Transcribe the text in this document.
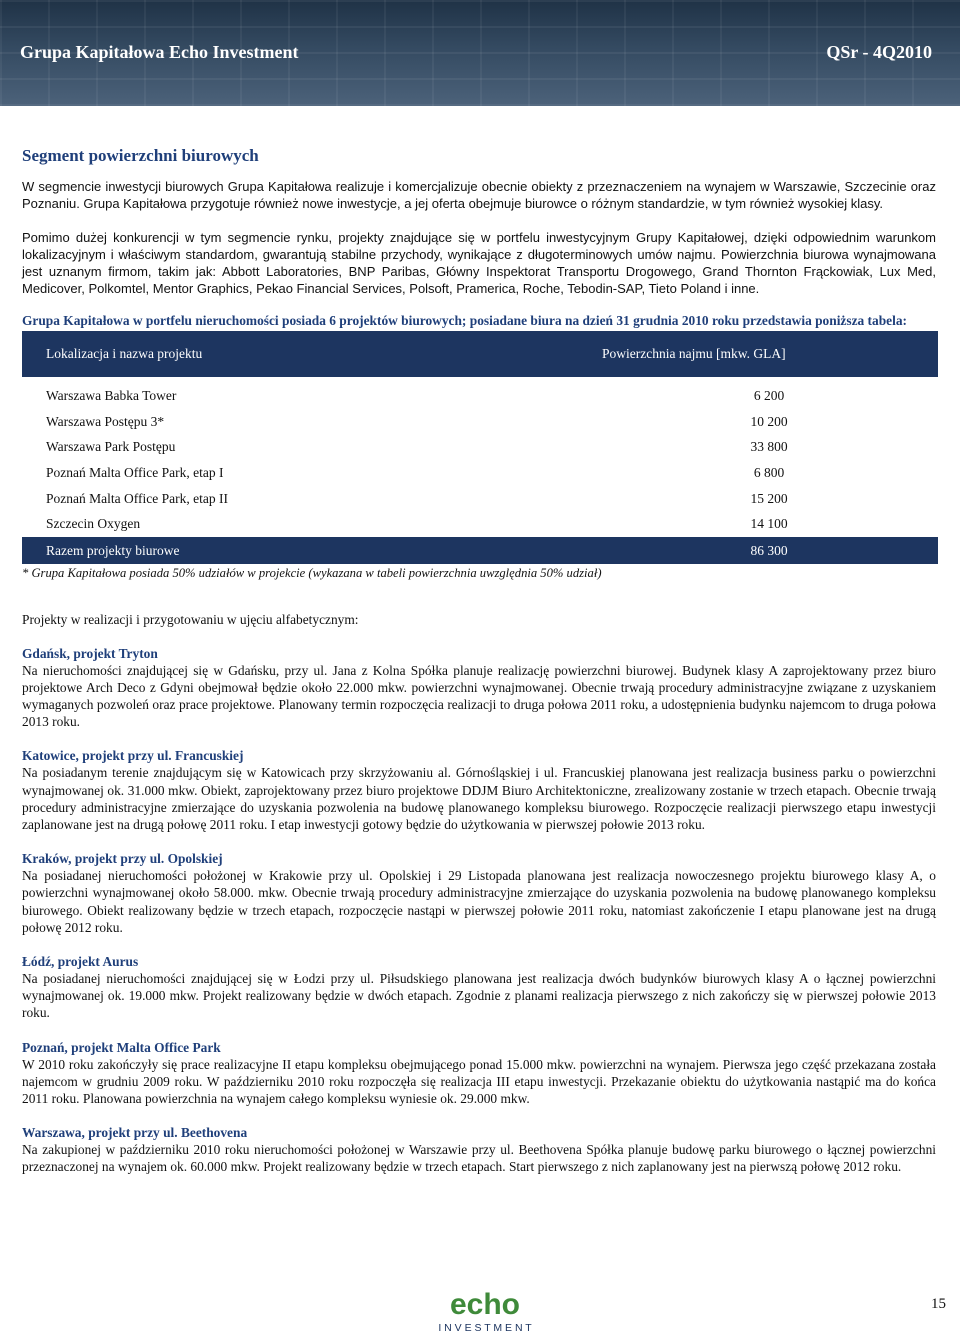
Grupa Kapitałowa Echo Investment	QSr - 4Q2010
Segment powierzchni biurowych

W segmencie inwestycji biurowych Grupa Kapitałowa realizuje i komercjalizuje obecnie obiekty z przeznaczeniem na wynajem w Warszawie, Szczecinie oraz Poznaniu. Grupa Kapitałowa przygotuje również nowe inwestycje, a jej oferta obejmuje biurowce o różnym standardzie, w tym również wysokiej klasy.

Pomimo dużej konkurencji w tym segmencie rynku, projekty znajdujące się w portfelu inwestycyjnym Grupy Kapitałowej, dzięki odpowiednim warunkom lokalizacyjnym i właściwym standardom, gwarantują stabilne przychody, wynikające z długoterminowych umów najmu. Powierzchnia biurowa wynajmowana jest uznanym firmom, takim jak: Abbott Laboratories, BNP Paribas, Główny Inspektorat Transportu Drogowego, Grand Thornton Frąckowiak, Lux Med, Medicover, Polkomtel, Mentor Graphics, Pekao Financial Services, Polsoft, Pramerica, Roche, Tebodin-SAP, Tieto Poland i inne.

Grupa Kapitałowa w portfelu nieruchomości posiada 6 projektów biurowych; posiadane biura na dzień 31 grudnia 2010 roku przedstawia poniższa tabela:

Lokalizacja i nazwa projektu	Powierzchnia najmu [mkw. GLA]
Warszawa Babka Tower	6 200
Warszawa Postępu 3*	10 200
Warszawa Park Postępu	33 800
Poznań Malta Office Park, etap I	6 800
Poznań Malta Office Park, etap II	15 200
Szczecin Oxygen	14 100
Razem projekty biurowe	86 300
* Grupa Kapitałowa posiada 50% udziałów w projekcie (wykazana w tabeli powierzchnia uwzględnia 50% udział)

Projekty w realizacji i przygotowaniu w ujęciu alfabetycznym:

Gdańsk, projekt Tryton

Na nieruchomości znajdującej się w Gdańsku, przy ul. Jana z Kolna Spółka planuje realizację powierzchni biurowej. Budynek klasy A zaprojektowany przez biuro projektowe Arch Deco z Gdyni obejmował będzie około 22.000 mkw. powierzchni wynajmowanej. Obecnie trwają procedury administracyjne związane z uzyskaniem wymaganych pozwoleń oraz prace projektowe. Planowany termin rozpoczęcia realizacji to druga połowa 2011 roku, a udostępnienia budynku najemcom to druga połowa 2013 roku.

Katowice, projekt przy ul. Francuskiej

Na posiadanym terenie znajdującym się w Katowicach przy skrzyżowaniu al. Górnośląskiej i ul. Francuskiej planowana jest realizacja business parku o powierzchni wynajmowanej ok. 31.000 mkw. Obiekt, zaprojektowany przez biuro projektowe DDJM Biuro Architektoniczne, zrealizowany zostanie w trzech etapach. Obecnie trwają procedury administracyjne zmierzające do uzyskania pozwolenia na budowę planowanego kompleksu biurowego. Rozpoczęcie realizacji pierwszego etapu inwestycji zaplanowane jest na drugą połowę 2011 roku. I etap inwestycji gotowy będzie do użytkowania w pierwszej połowie 2013 roku.

Kraków, projekt przy ul. Opolskiej

Na posiadanej nieruchomości położonej w Krakowie przy ul. Opolskiej i 29 Listopada planowana jest realizacja nowoczesnego projektu biurowego klasy A, o powierzchni wynajmowanej około 58.000. mkw. Obecnie trwają procedury administracyjne zmierzające do uzyskania pozwolenia na budowę planowanego kompleksu biurowego. Obiekt realizowany będzie w trzech etapach, rozpoczęcie nastąpi w pierwszej połowie 2011 roku, natomiast zakończenie I etapu planowane jest na drugą połowę 2012 roku.

Łódź, projekt Aurus

Na posiadanej nieruchomości znajdującej się w Łodzi przy ul. Piłsudskiego planowana jest realizacja dwóch budynków biurowych klasy A o łącznej powierzchni wynajmowanej ok. 19.000 mkw. Projekt realizowany będzie w dwóch etapach. Zgodnie z planami realizacja pierwszego z nich zakończy się w pierwszej połowie 2013 roku.

Poznań, projekt Malta Office Park

W 2010 roku zakończyły się prace realizacyjne II etapu kompleksu obejmującego ponad 15.000 mkw. powierzchni na wynajem. Pierwsza jego część przekazana została najemcom w grudniu 2009 roku. W październiku 2010 roku rozpoczęła się realizacja III etapu inwestycji. Przekazanie obiektu do użytkowania nastąpić ma do końca 2011 roku. Planowana powierzchnia na wynajem całego kompleksu wyniesie ok. 29.000 mkw.

Warszawa, projekt przy ul. Beethovena

Na zakupionej w październiku 2010 roku nieruchomości położonej w Warszawie przy ul. Beethovena Spółka planuje budowę parku biurowego o łącznej powierzchni przeznaczonej na wynajem ok. 60.000 mkw. Projekt realizowany będzie w trzech etapach. Start pierwszego z nich zaplanowany jest na pierwszą połowę 2012 roku.

echo
I N V E S T M E N T
15
